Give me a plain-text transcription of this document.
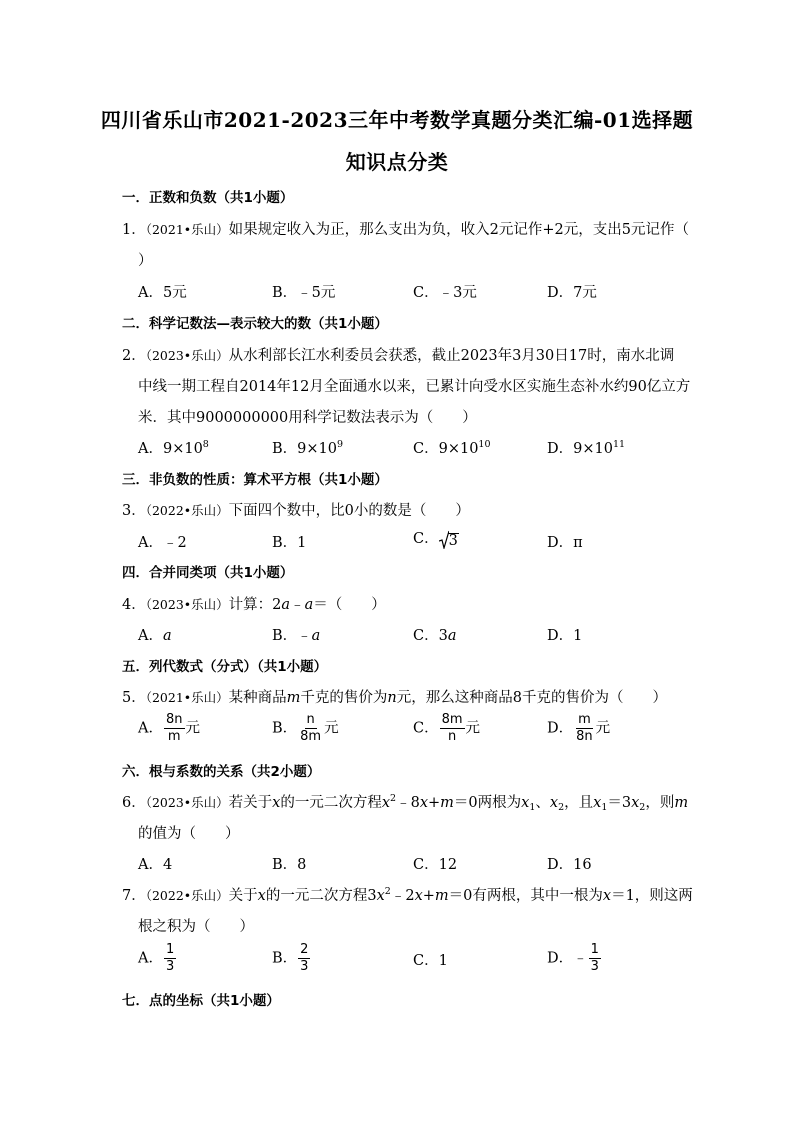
四川省乐山市2021-2023三年中考数学真题分类汇编-01选择题
知识点分类
一．正数和负数（共1小题）
1．（2021•乐山）如果规定收入为正，那么支出为负，收入2元记作+2元，支出5元记作（
）
A．5元	B．﹣5元	C．﹣3元	D．7元
二．科学记数法—表示较大的数（共1小题）
2．（2023•乐山）从水利部长江水利委员会获悉，截止2023年3月30日17时，南水北调
中线一期工程自2014年12月全面通水以来，已累计向受水区实施生态补水约90亿立方
米．其中9000000000用科学记数法表示为（　　）
A．$9\times 10^8$	B．$9\times 10^9$	C．$9\times 10^{10}$	D．$9\times 10^{11}$
三．非负数的性质：算术平方根（共1小题）
3．（2022•乐山）下面四个数中，比0小的数是（　　）
A．﹣2	B．1	C． 3	D．π
四．合并同类项（共1小题）
4．（2023•乐山）计算：2a﹣a＝（　　）
A．a	B．﹣a	C．3a	D．1
五．列代数式（分式）（共1小题）
5．（2021•乐山）某种商品m千克的售价为n元，那么这种商品8千克的售价为（　　）
A． $\frac{8n}{m}$ 元	B． $\frac{n}{8m}$ 元	C． $\frac{8m}{n}$ 元	D． $\frac{m}{8n}$ 元
六．根与系数的关系（共2小题）
6．（2023•乐山）若关于x的一元二次方程$x^2﹣8x+m=0$两根为$x_1$、$x_2$，且$x_1=3x_2$，则m
的值为（　　）
A．4	B．8	C．12	D．16
7．（2022•乐山）关于x的一元二次方程$3x^2﹣2x+m=0$有两根，其中一根为x＝1，则这两
根之积为（　　）
A． $\frac{1}{3}$	B． $\frac{2}{3}$	C．1	D．﹣ $\frac{1}{3}$
七．点的坐标（共1小题）
